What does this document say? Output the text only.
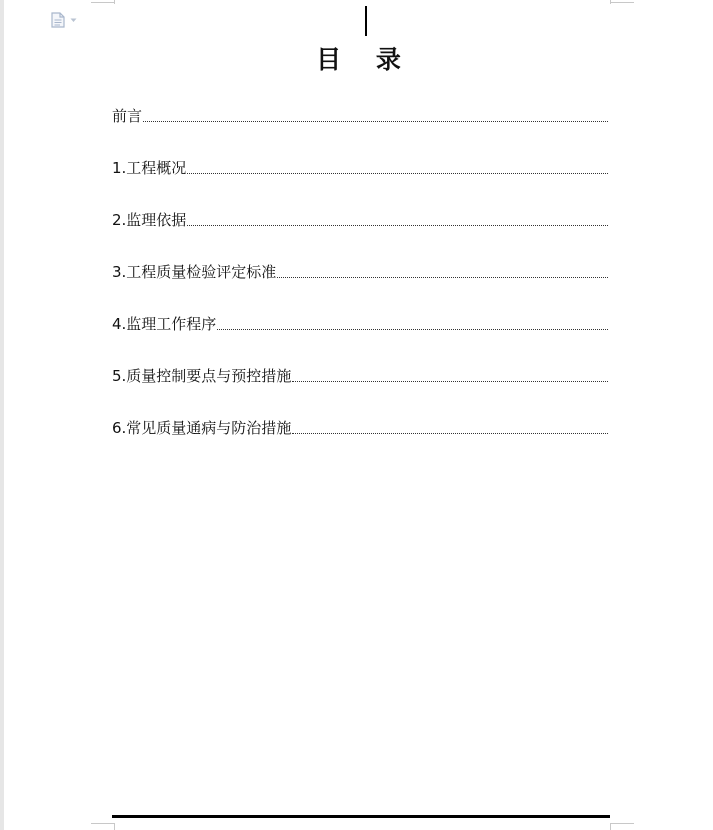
目    录
前言
1.工程概况
2.监理依据
3.工程质量检验评定标准
4.监理工作程序
5.质量控制要点与预控措施
6.常见质量通病与防治措施
